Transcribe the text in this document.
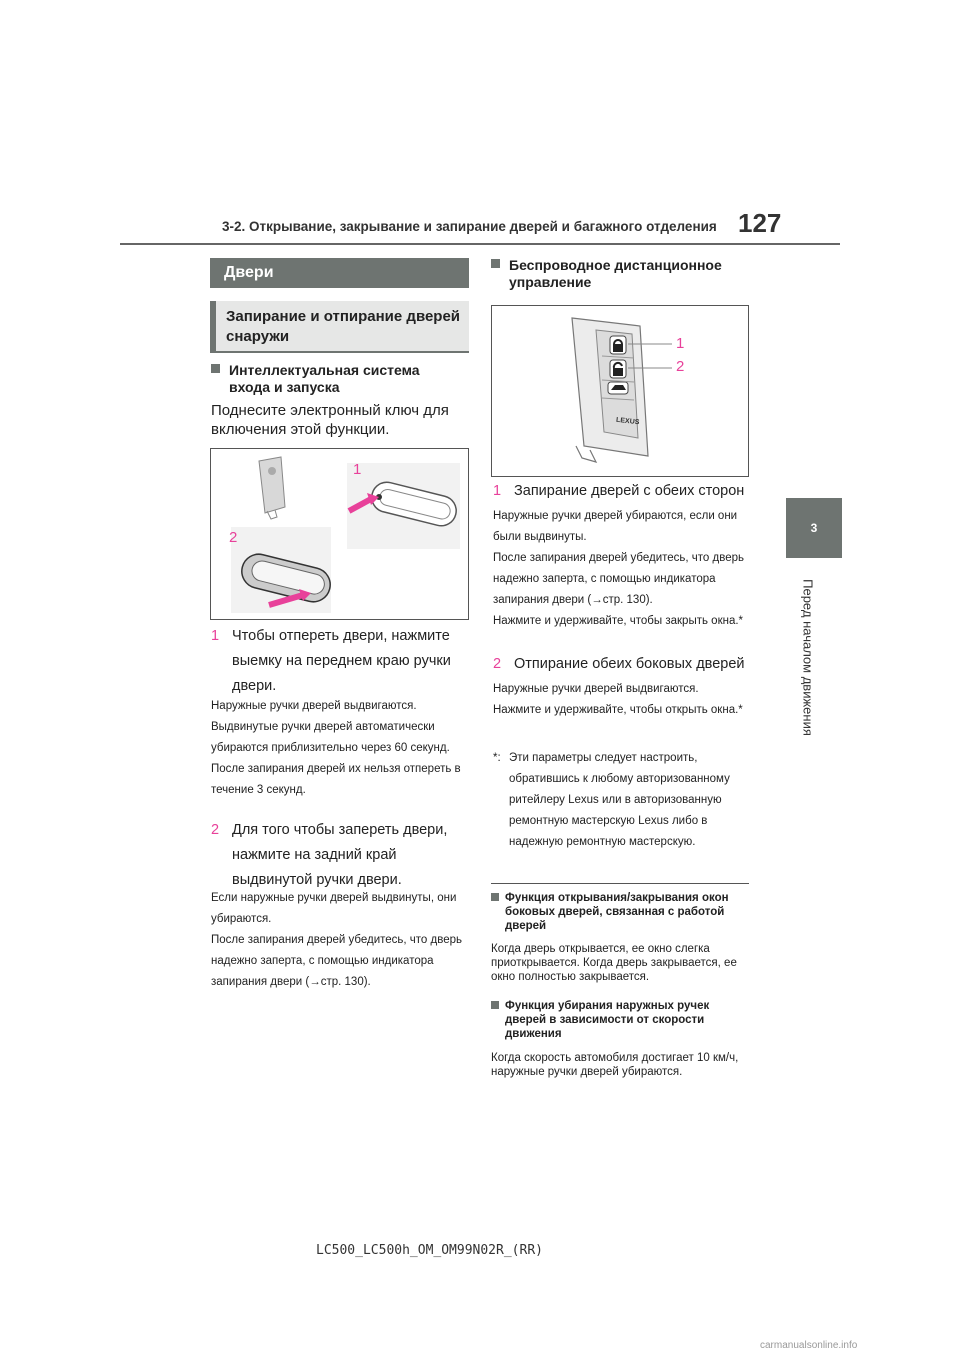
3-2. Открывание, закрывание и запирание дверей и багажного отделения 127
3
Перед началом движения
Двери
Запирание и отпирание дверей снаружи
Интеллектуальная система входа и запуска
Поднесите электронный ключ для включения этой функции.
1
2
1 Чтобы отпереть двери, нажмите выемку на переднем краю ручки двери.
Наружные ручки дверей выдвигаются.
Выдвинутые ручки дверей автоматически убираются приблизительно через 60 секунд.
После запирания дверей их нельзя отпереть в течение 3 секунд.
2 Для того чтобы запереть двери, нажмите на задний край выдвинутой ручки двери.
Если наружные ручки дверей выдвинуты, они убираются.
После запирания дверей убедитесь, что дверь надежно заперта, с помощью индикатора запирания двери (→стр. 130).
Беспроводное дистанционное управление
LEXUS
1
2
1 Запирание дверей с обеих сторон
Наружные ручки дверей убираются, если они были выдвинуты.
После запирания дверей убедитесь, что дверь надежно заперта, с помощью индикатора запирания двери (→стр. 130).
Нажмите и удерживайте, чтобы закрыть окна.*
2 Отпирание обеих боковых дверей
Наружные ручки дверей выдвигаются.
Нажмите и удерживайте, чтобы открыть окна.*
*: Эти параметры следует настроить, обратившись к любому авторизованному ритейлеру Lexus или в авторизованную ремонтную мастерскую Lexus либо в надежную ремонтную мастерскую.
Функция открывания/закрывания окон боковых дверей, связанная с работой дверей
Когда дверь открывается, ее окно слегка приоткрывается. Когда дверь закрывается, ее окно полностью закрывается.
Функция убирания наружных ручек дверей в зависимости от скорости движения
Когда скорость автомобиля достигает 10 км/ч, наружные ручки дверей убираются.
LC500_LC500h_OM_OM99N02R_(RR)
carmanualsonline.info
